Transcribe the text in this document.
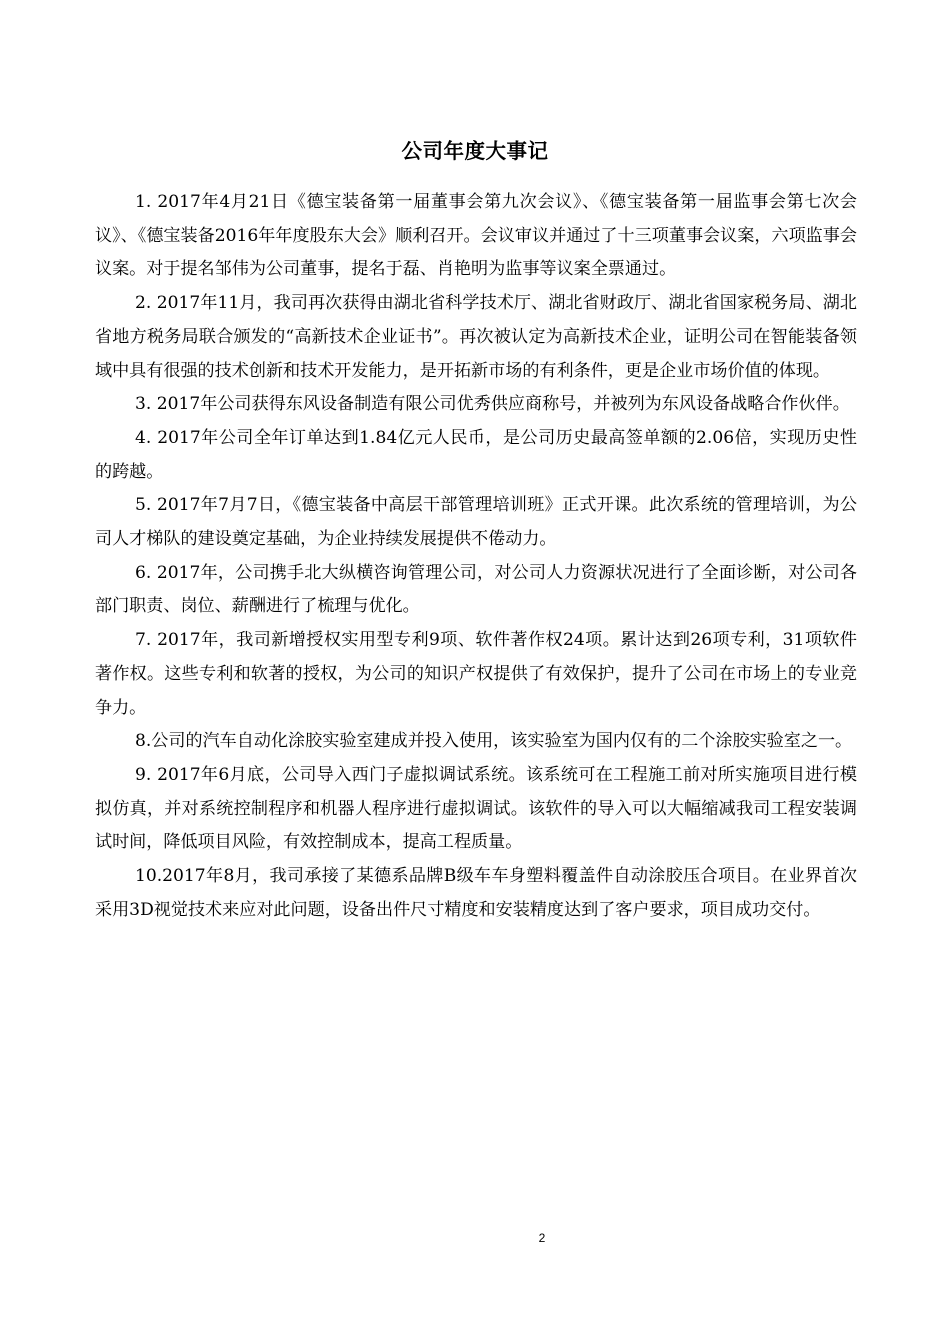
公司年度大事记

1. 2017年4月21日《德宝装备第一届董事会第九次会议》、《德宝装备第一届监事会第七次会议》、《德宝装备2016年年度股东大会》顺利召开。会议审议并通过了十三项董事会议案，六项监事会议案。对于提名邹伟为公司董事，提名于磊、肖艳明为监事等议案全票通过。

2. 2017年11月，我司再次获得由湖北省科学技术厅、湖北省财政厅、湖北省国家税务局、湖北省地方税务局联合颁发的“高新技术企业证书”。再次被认定为高新技术企业，证明公司在智能装备领域中具有很强的技术创新和技术开发能力，是开拓新市场的有利条件，更是企业市场价值的体现。

3. 2017年公司获得东风设备制造有限公司优秀供应商称号，并被列为东风设备战略合作伙伴。

4. 2017年公司全年订单达到1.84亿元人民币，是公司历史最高签单额的2.06倍，实现历史性的跨越。

5. 2017年7月7日，《德宝装备中高层干部管理培训班》正式开课。此次系统的管理培训，为公司人才梯队的建设奠定基础，为企业持续发展提供不倦动力。

6. 2017年，公司携手北大纵横咨询管理公司，对公司人力资源状况进行了全面诊断，对公司各部门职责、岗位、薪酬进行了梳理与优化。

7. 2017年，我司新增授权实用型专利9项、软件著作权24项。累计达到26项专利，31项软件著作权。这些专利和软著的授权，为公司的知识产权提供了有效保护，提升了公司在市场上的专业竞争力。

8.公司的汽车自动化涂胶实验室建成并投入使用，该实验室为国内仅有的二个涂胶实验室之一。

9. 2017年6月底，公司导入西门子虚拟调试系统。该系统可在工程施工前对所实施项目进行模拟仿真，并对系统控制程序和机器人程序进行虚拟调试。该软件的导入可以大幅缩减我司工程安装调试时间，降低项目风险，有效控制成本，提高工程质量。

10.2017年8月，我司承接了某德系品牌B级车车身塑料覆盖件自动涂胶压合项目。在业界首次采用3D视觉技术来应对此问题，设备出件尺寸精度和安装精度达到了客户要求，项目成功交付。

2
